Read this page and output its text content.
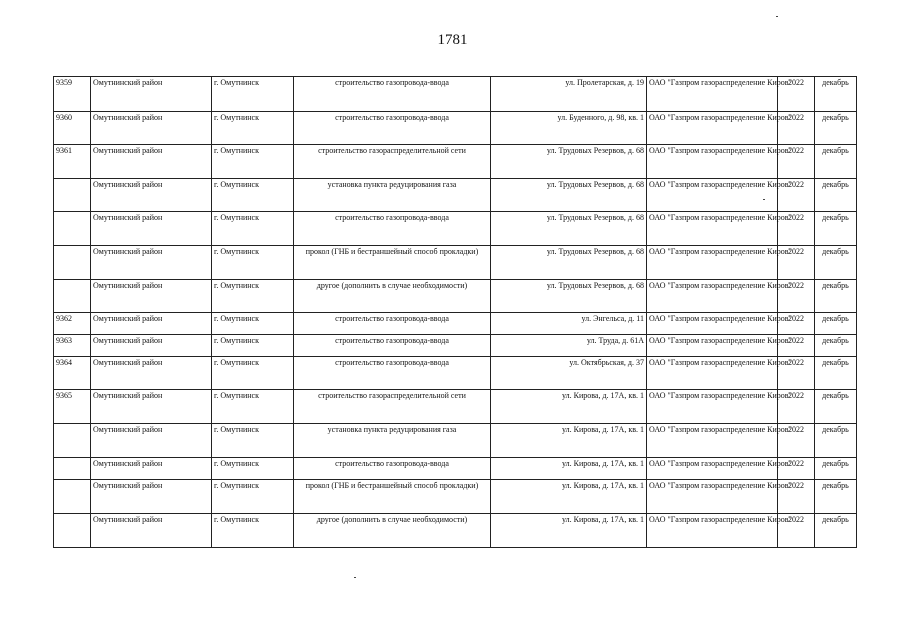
1781
9359	Омутнинский район	г. Омутнинск	строительство газопровода-ввода	ул. Пролетарская, д. 19	ОАО "Газпром газораспределение Киров"	2022	декабрь
9360	Омутнинский район	г. Омутнинск	строительство газопровода-ввода	ул. Буденного, д. 98, кв. 1	ОАО "Газпром газораспределение Киров"	2022	декабрь
9361	Омутнинский район	г. Омутнинск	строительство газораспределительной сети	ул. Трудовых Резервов, д. 68	ОАО "Газпром газораспределение Киров"	2022	декабрь
	Омутнинский район	г. Омутнинск	установка пункта редуцирования газа	ул. Трудовых Резервов, д. 68	ОАО "Газпром газораспределение Киров"	2022	декабрь
	Омутнинский район	г. Омутнинск	строительство газопровода-ввода	ул. Трудовых Резервов, д. 68	ОАО "Газпром газораспределение Киров"	2022	декабрь
	Омутнинский район	г. Омутнинск	прокол (ГНБ и бестраншейный способ прокладки)	ул. Трудовых Резервов, д. 68	ОАО "Газпром газораспределение Киров"	2022	декабрь
	Омутнинский район	г. Омутнинск	другое (дополнить в случае необходимости)	ул. Трудовых Резервов, д. 68	ОАО "Газпром газораспределение Киров"	2022	декабрь
9362	Омутнинский район	г. Омутнинск	строительство газопровода-ввода	ул. Энгельса, д. 11	ОАО "Газпром газораспределение Киров"	2022	декабрь
9363	Омутнинский район	г. Омутнинск	строительство газопровода-ввода	ул. Труда, д. 61А	ОАО "Газпром газораспределение Киров"	2022	декабрь
9364	Омутнинский район	г. Омутнинск	строительство газопровода-ввода	ул. Октябрьская, д. 37	ОАО "Газпром газораспределение Киров"	2022	декабрь
9365	Омутнинский район	г. Омутнинск	строительство газораспределительной сети	ул. Кирова, д. 17А, кв. 1	ОАО "Газпром газораспределение Киров"	2022	декабрь
	Омутнинский район	г. Омутнинск	установка пункта редуцирования газа	ул. Кирова, д. 17А, кв. 1	ОАО "Газпром газораспределение Киров"	2022	декабрь
	Омутнинский район	г. Омутнинск	строительство газопровода-ввода	ул. Кирова, д. 17А, кв. 1	ОАО "Газпром газораспределение Киров"	2022	декабрь
	Омутнинский район	г. Омутнинск	прокол (ГНБ и бестраншейный способ прокладки)	ул. Кирова, д. 17А, кв. 1	ОАО "Газпром газораспределение Киров"	2022	декабрь
	Омутнинский район	г. Омутнинск	другое (дополнить в случае необходимости)	ул. Кирова, д. 17А, кв. 1	ОАО "Газпром газораспределение Киров"	2022	декабрь
